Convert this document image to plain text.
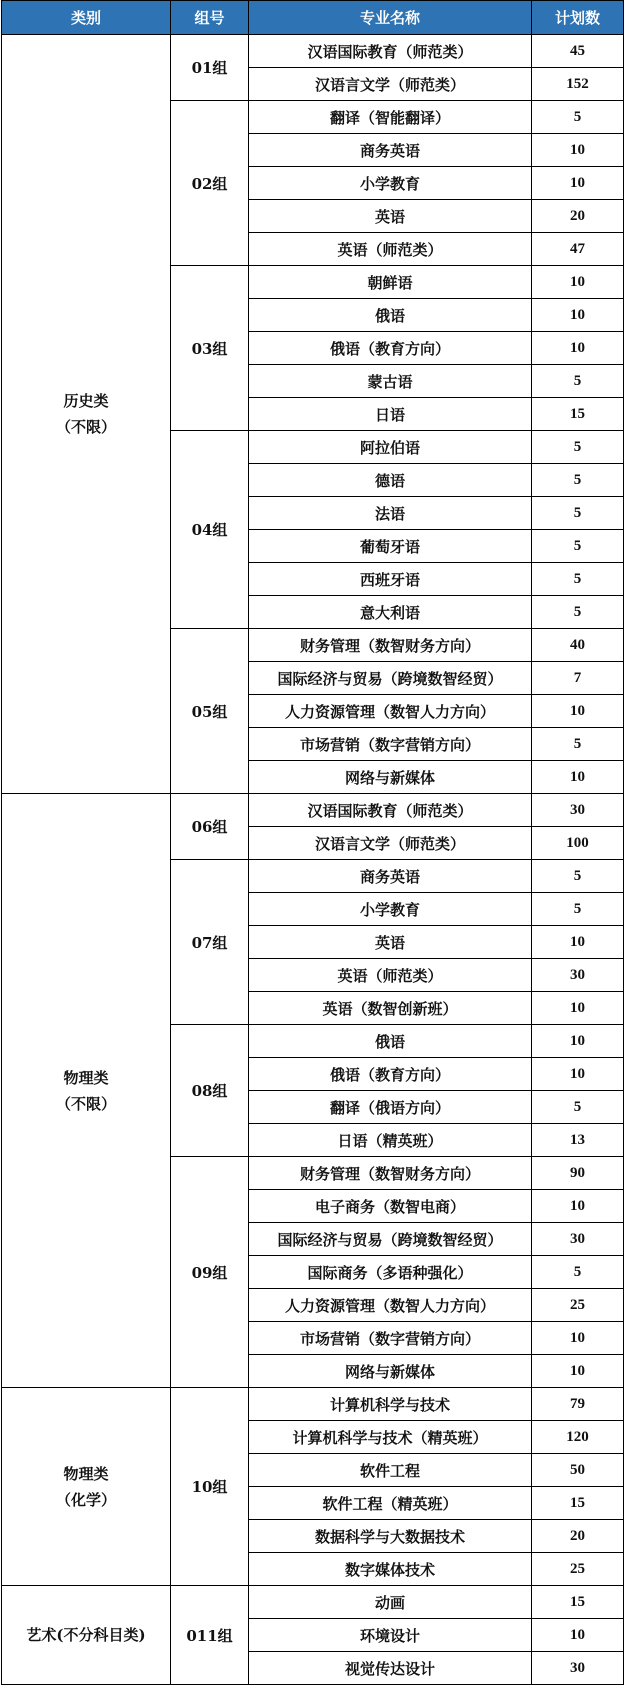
类别	组号	专业名称	计划数

历史类
（不限）	01组	汉语国际教育（师范类）	45
		汉语言文学（师范类）	152
	02组	翻译（智能翻译）	5
		商务英语	10
		小学教育	10
		英语	20
		英语（师范类）	47
	03组	朝鲜语	10
		俄语	10
		俄语（教育方向）	10
		蒙古语	5
		日语	15
	04组	阿拉伯语	5
		德语	5
		法语	5
		葡萄牙语	5
		西班牙语	5
		意大利语	5
	05组	财务管理（数智财务方向）	40
		国际经济与贸易（跨境数智经贸）	7
		人力资源管理（数智人力方向）	10
		市场营销（数字营销方向）	5
		网络与新媒体	10

物理类
（不限）	06组	汉语国际教育（师范类）	30
		汉语言文学（师范类）	100
	07组	商务英语	5
		小学教育	5
		英语	10
		英语（师范类）	30
		英语（数智创新班）	10
	08组	俄语	10
		俄语（教育方向）	10
		翻译（俄语方向）	5
		日语（精英班）	13
	09组	财务管理（数智财务方向）	90
		电子商务（数智电商）	10
		国际经济与贸易（跨境数智经贸）	30
		国际商务（多语种强化）	5
		人力资源管理（数智人力方向）	25
		市场营销（数字营销方向）	10
		网络与新媒体	10

物理类
（化学）	10组	计算机科学与技术	79
		计算机科学与技术（精英班）	120
		软件工程	50
		软件工程（精英班）	15
		数据科学与大数据技术	20
		数字媒体技术	25

艺术(不分科目类)	011组	动画	15
		环境设计	10
		视觉传达设计	30
